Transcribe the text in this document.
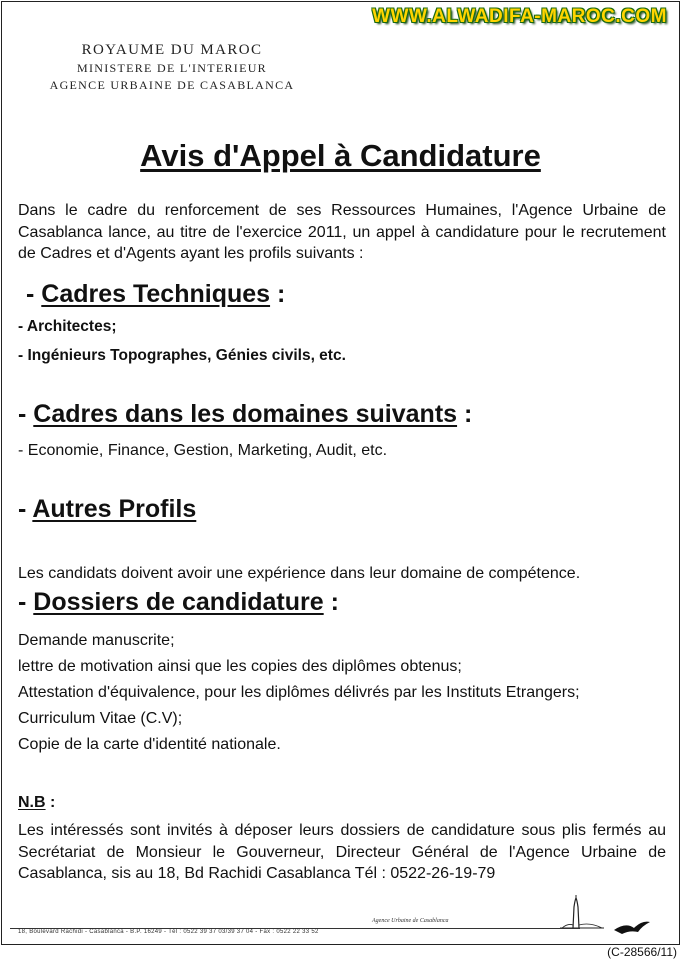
WWW.ALWADIFA-MAROC.COM
ROYAUME DU MAROC
MINISTERE DE L'INTERIEUR
AGENCE URBAINE DE CASABLANCA
Avis d'Appel à Candidature

Dans le cadre du renforcement de ses Ressources Humaines, l'Agence Urbaine de Casablanca lance, au titre de l'exercice 2011, un appel à candidature pour le recrutement de Cadres et d'Agents ayant les profils suivants :

- Cadres Techniques :
- Architectes;
- Ingénieurs Topographes, Génies civils, etc.
- Cadres dans les domaines suivants :
- Economie, Finance, Gestion, Marketing, Audit, etc.
- Autres Profils
Les candidats doivent avoir une expérience dans leur domaine de compétence.
- Dossiers de candidature :
Demande manuscrite;
lettre de motivation ainsi que les copies des diplômes obtenus;
Attestation d'équivalence, pour les diplômes délivrés par les Instituts Etrangers;
Curriculum Vitae (C.V);
Copie de la carte d'identité nationale.
N.B :

Les intéressés sont invités à déposer leurs dossiers de candidature sous plis fermés au Secrétariat de Monsieur le Gouverneur, Directeur Général de l'Agence Urbaine de Casablanca, sis au 18, Bd Rachidi Casablanca Tél : 0522-26-19-79

Agence Urbaine de Casablanca
18, Boulevard Rachidi - Casablanca - B.P. 16249 - Tél : 0522 39 37 03/39 37 04 - Fax : 0522 22 33 52
(C-28566/11)
